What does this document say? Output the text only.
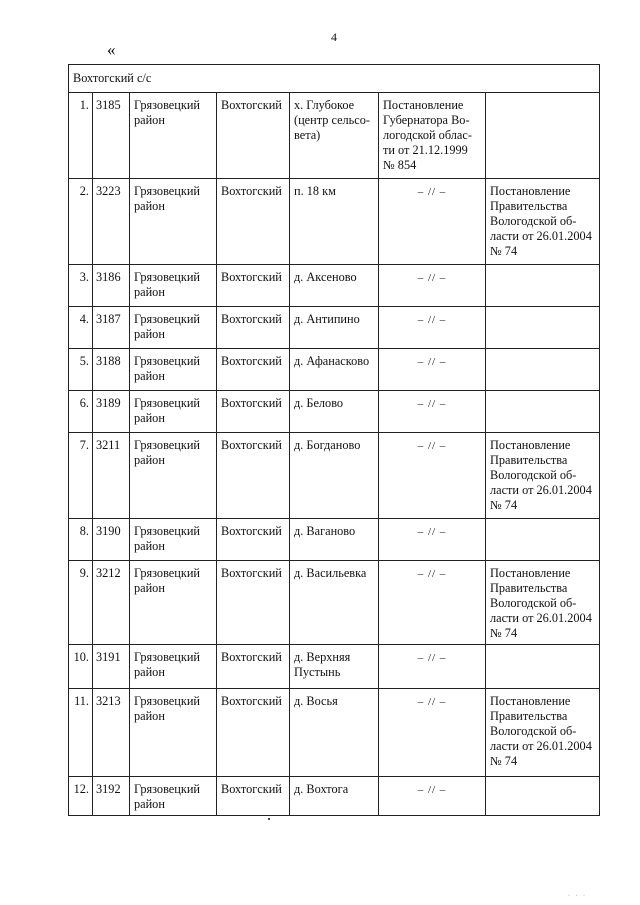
4
«
Вохтогский с/с						
1.	3185	Грязовецкий район	Вохтогский	х. Глубокое (центр сельсо-вета)	Постановление Губернатора Во-логодской облас-ти от 21.12.1999 № 854	
2.	3223	Грязовецкий район	Вохтогский	п. 18 км	– // –	Постановление Правительства Вологодской об-ласти от 26.01.2004 № 74
3.	3186	Грязовецкий район	Вохтогский	д. Аксеново	– // –	
4.	3187	Грязовецкий район	Вохтогский	д. Антипино	– // –	
5.	3188	Грязовецкий район	Вохтогский	д. Афанасково	– // –	
6.	3189	Грязовецкий район	Вохтогский	д. Белово	– // –	
7.	3211	Грязовецкий район	Вохтогский	д. Богданово	– // –	Постановление Правительства Вологодской об-ласти от 26.01.2004 № 74
8.	3190	Грязовецкий район	Вохтогский	д. Ваганово	– // –	
9.	3212	Грязовецкий район	Вохтогский	д. Васильевка	– // –	Постановление Правительства Вологодской об-ласти от 26.01.2004 № 74
10.	3191	Грязовецкий район	Вохтогский	д. Верхняя Пустынь	– // –	
11.	3213	Грязовецкий район	Вохтогский	д. Восья	– // –	Постановление Правительства Вологодской об-ласти от 26.01.2004 № 74
12.	3192	Грязовецкий район	Вохтогский	д. Вохтога	– // –	
· · ·
